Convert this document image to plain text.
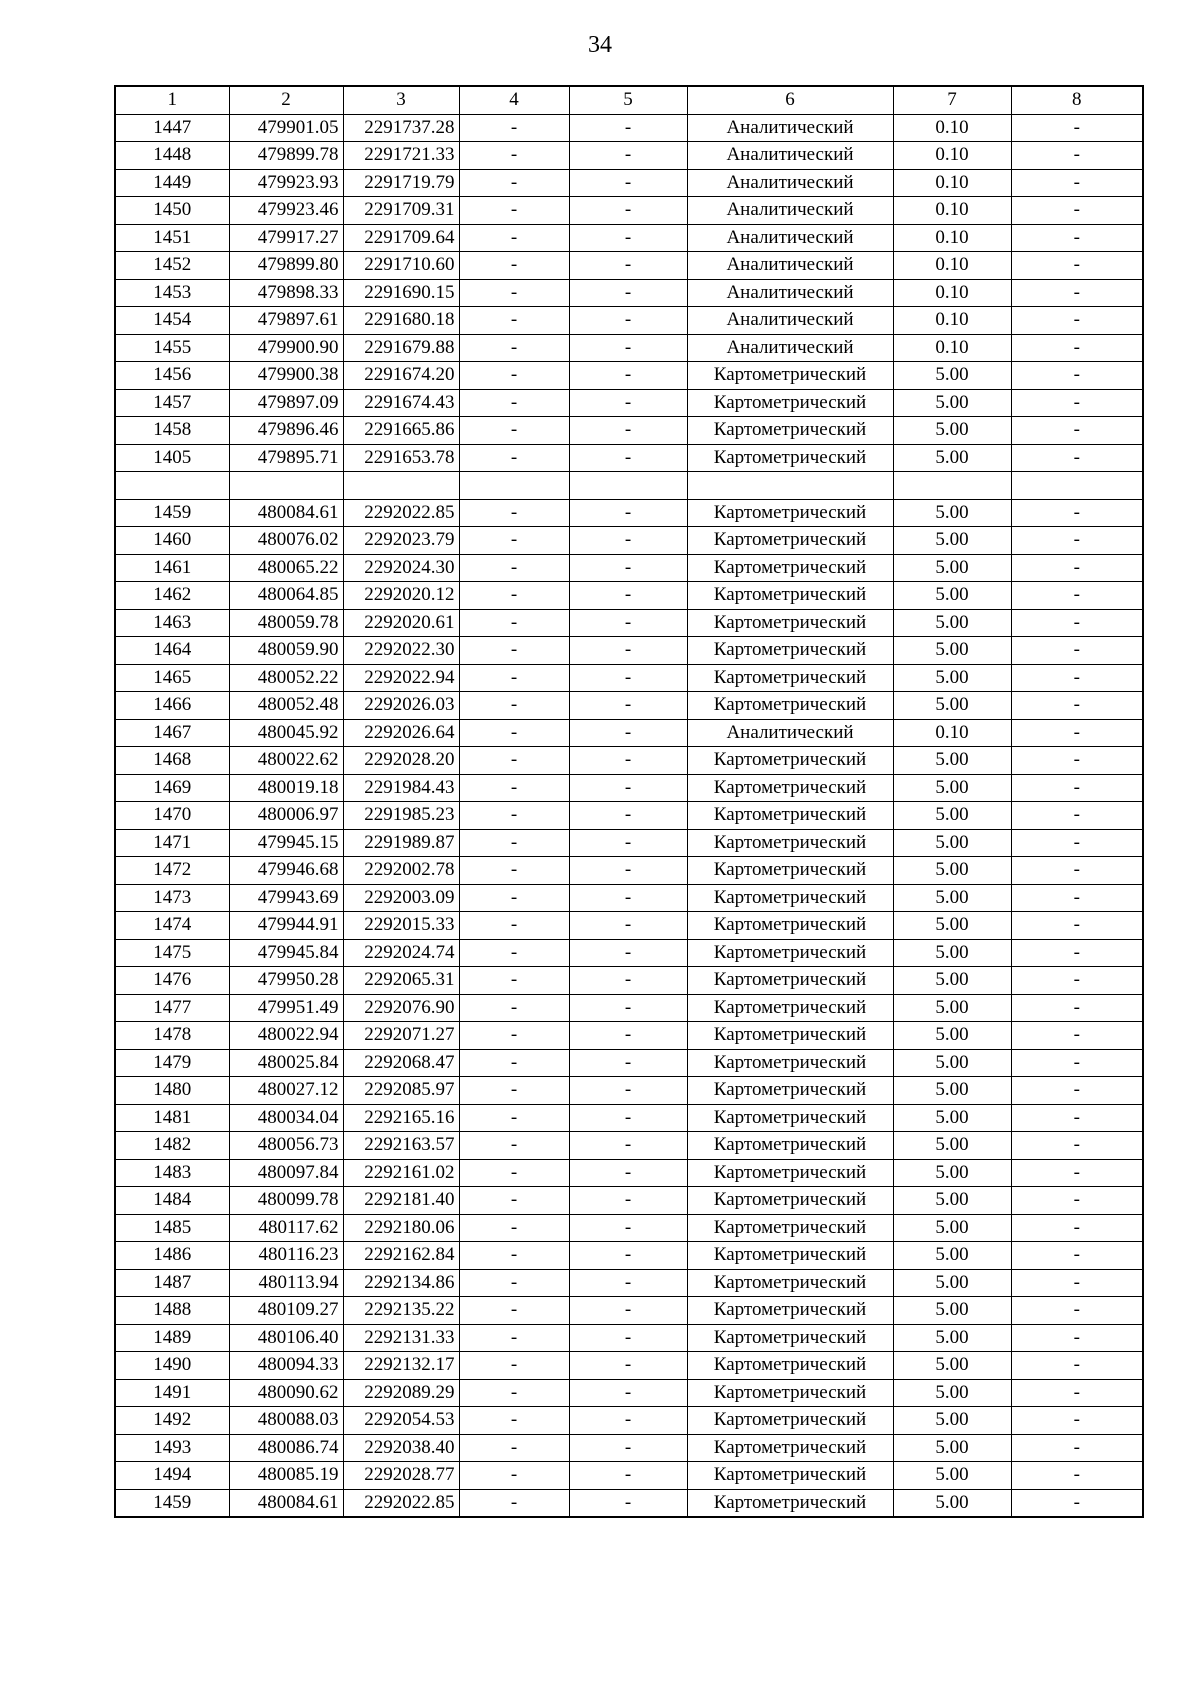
34
1	2	3	4	5	6	7	8
1447	479901.05	2291737.28	-	-	Аналитический	0.10	-
1448	479899.78	2291721.33	-	-	Аналитический	0.10	-
1449	479923.93	2291719.79	-	-	Аналитический	0.10	-
1450	479923.46	2291709.31	-	-	Аналитический	0.10	-
1451	479917.27	2291709.64	-	-	Аналитический	0.10	-
1452	479899.80	2291710.60	-	-	Аналитический	0.10	-
1453	479898.33	2291690.15	-	-	Аналитический	0.10	-
1454	479897.61	2291680.18	-	-	Аналитический	0.10	-
1455	479900.90	2291679.88	-	-	Аналитический	0.10	-
1456	479900.38	2291674.20	-	-	Картометрический	5.00	-
1457	479897.09	2291674.43	-	-	Картометрический	5.00	-
1458	479896.46	2291665.86	-	-	Картометрический	5.00	-
1405	479895.71	2291653.78	-	-	Картометрический	5.00	-

1459	480084.61	2292022.85	-	-	Картометрический	5.00	-
1460	480076.02	2292023.79	-	-	Картометрический	5.00	-
1461	480065.22	2292024.30	-	-	Картометрический	5.00	-
1462	480064.85	2292020.12	-	-	Картометрический	5.00	-
1463	480059.78	2292020.61	-	-	Картометрический	5.00	-
1464	480059.90	2292022.30	-	-	Картометрический	5.00	-
1465	480052.22	2292022.94	-	-	Картометрический	5.00	-
1466	480052.48	2292026.03	-	-	Картометрический	5.00	-
1467	480045.92	2292026.64	-	-	Аналитический	0.10	-
1468	480022.62	2292028.20	-	-	Картометрический	5.00	-
1469	480019.18	2291984.43	-	-	Картометрический	5.00	-
1470	480006.97	2291985.23	-	-	Картометрический	5.00	-
1471	479945.15	2291989.87	-	-	Картометрический	5.00	-
1472	479946.68	2292002.78	-	-	Картометрический	5.00	-
1473	479943.69	2292003.09	-	-	Картометрический	5.00	-
1474	479944.91	2292015.33	-	-	Картометрический	5.00	-
1475	479945.84	2292024.74	-	-	Картометрический	5.00	-
1476	479950.28	2292065.31	-	-	Картометрический	5.00	-
1477	479951.49	2292076.90	-	-	Картометрический	5.00	-
1478	480022.94	2292071.27	-	-	Картометрический	5.00	-
1479	480025.84	2292068.47	-	-	Картометрический	5.00	-
1480	480027.12	2292085.97	-	-	Картометрический	5.00	-
1481	480034.04	2292165.16	-	-	Картометрический	5.00	-
1482	480056.73	2292163.57	-	-	Картометрический	5.00	-
1483	480097.84	2292161.02	-	-	Картометрический	5.00	-
1484	480099.78	2292181.40	-	-	Картометрический	5.00	-
1485	480117.62	2292180.06	-	-	Картометрический	5.00	-
1486	480116.23	2292162.84	-	-	Картометрический	5.00	-
1487	480113.94	2292134.86	-	-	Картометрический	5.00	-
1488	480109.27	2292135.22	-	-	Картометрический	5.00	-
1489	480106.40	2292131.33	-	-	Картометрический	5.00	-
1490	480094.33	2292132.17	-	-	Картометрический	5.00	-
1491	480090.62	2292089.29	-	-	Картометрический	5.00	-
1492	480088.03	2292054.53	-	-	Картометрический	5.00	-
1493	480086.74	2292038.40	-	-	Картометрический	5.00	-
1494	480085.19	2292028.77	-	-	Картометрический	5.00	-
1459	480084.61	2292022.85	-	-	Картометрический	5.00	-
